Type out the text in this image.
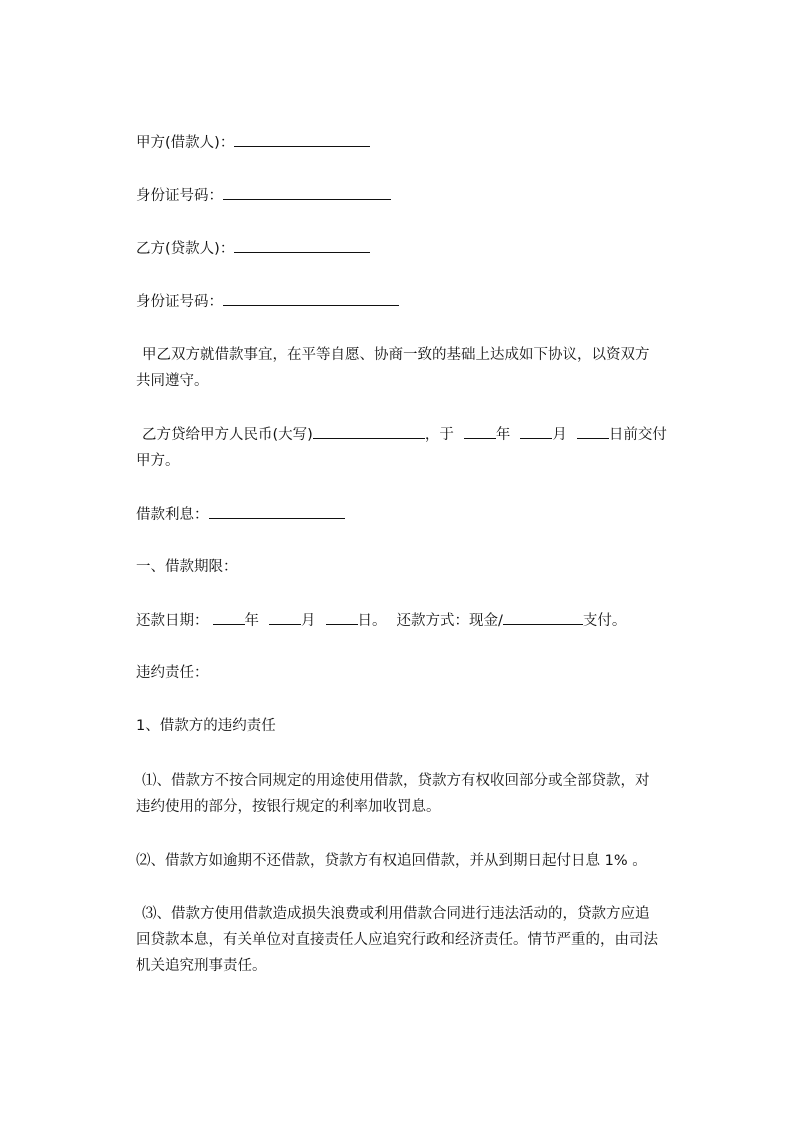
甲方(借款人)：
身份证号码：
乙方(贷款人)：
身份证号码：
甲乙双方就借款事宜，在平等自愿、协商一致的基础上达成如下协议，以资双方共同遵守。
乙方贷给甲方人民币(大写)	，于	年	月	日前交付
甲方。
借款利息：
一、借款期限：
还款日期： 年	月	日。 还款方式：现金/	支付。
违约责任：
1、借款方的违约责任
⑴、借款方不按合同规定的用途使用借款，贷款方有权收回部分或全部贷款，对违约使用的部分，按银行规定的利率加收罚息。
⑵、借款方如逾期不还借款，贷款方有权追回借款，并从到期日起付日息 1% 。
⑶、借款方使用借款造成损失浪费或利用借款合同进行违法活动的，贷款方应追回贷款本息，有关单位对直接责任人应追究行政和经济责任。情节严重的，由司法机关追究刑事责任。
